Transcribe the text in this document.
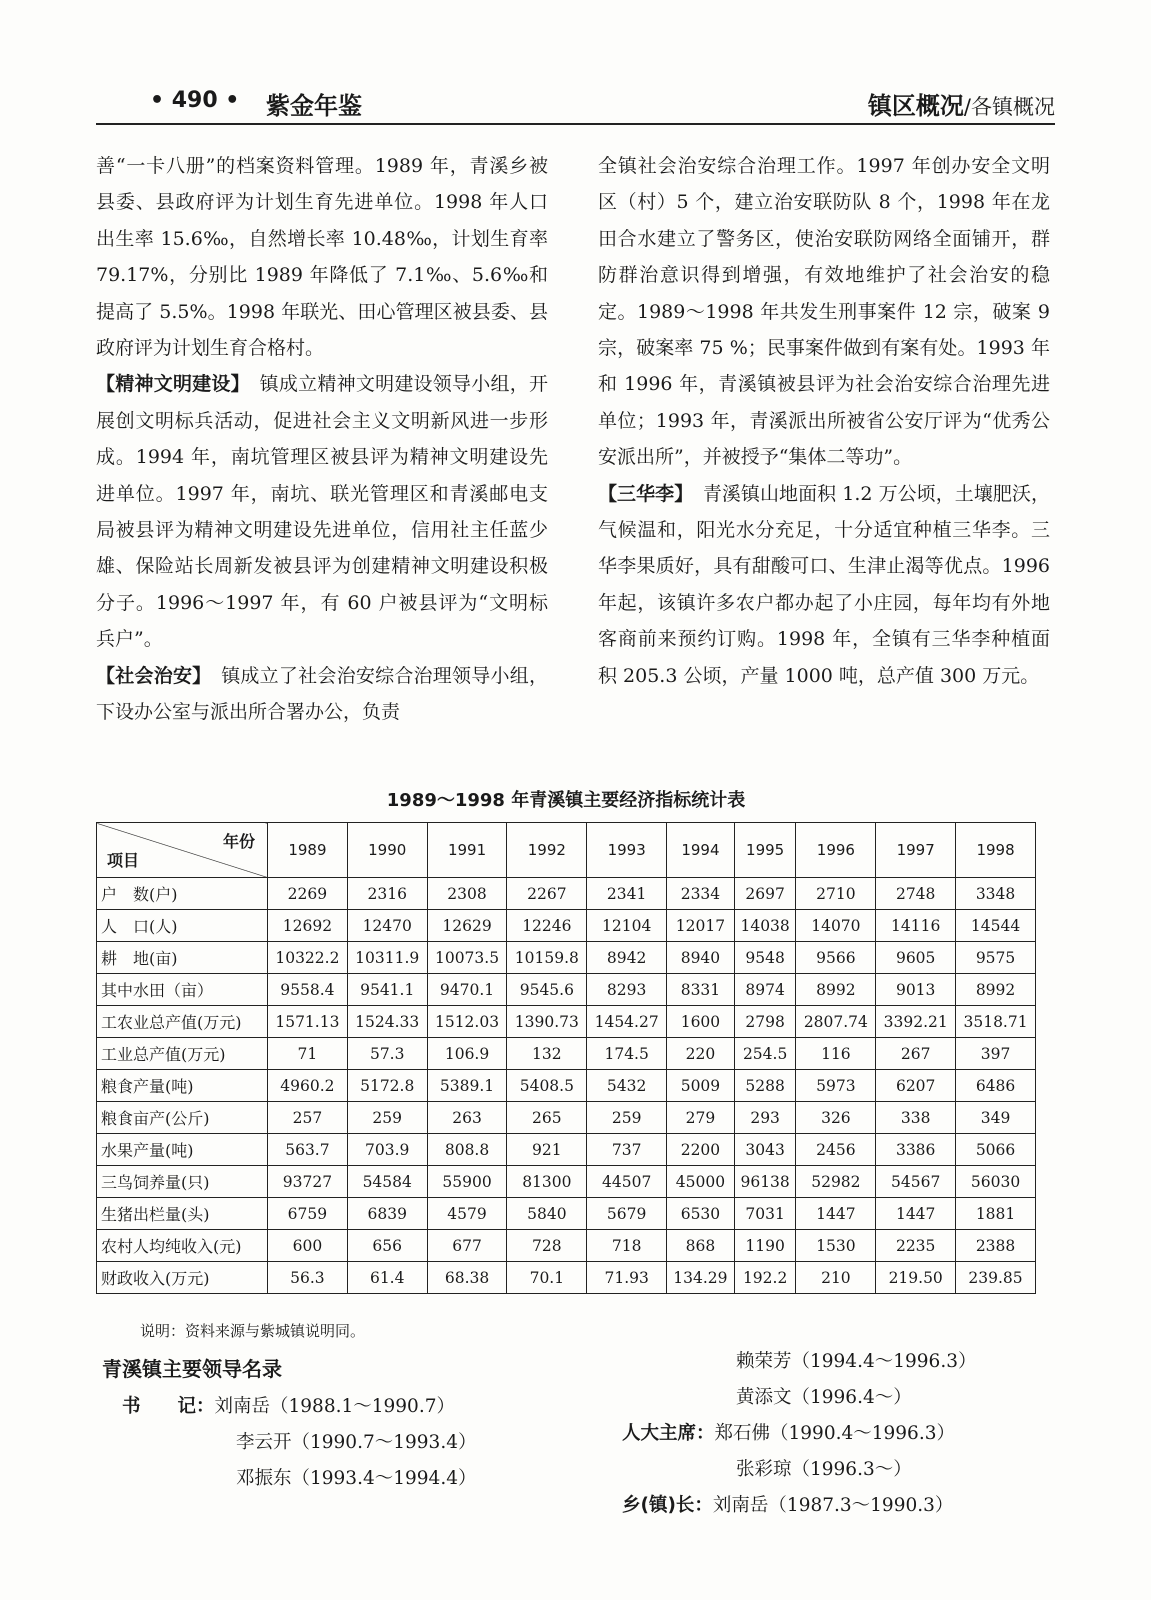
• 490 • 紫金年鉴	镇区概况/各镇概况

善“一卡八册”的档案资料管理。1989 年，青溪乡被县委、县政府评为计划生育先进单位。1998 年人口出生率 15.6‰，自然增长率 10.48‰，计划生育率 79.17%，分别比 1989 年降低了 7.1‰、5.6‰和提高了 5.5%。1998 年联光、田心管理区被县委、县政府评为计划生育合格村。

【精神文明建设】　 镇成立精神文明建设领导小组，开展创文明标兵活动，促进社会主义文明新风进一步形成。1994 年，南坑管理区被县评为精神文明建设先进单位。1997 年，南坑、联光管理区和青溪邮电支局被县评为精神文明建设先进单位，信用社主任蓝少雄、保险站长周新发被县评为创建精神文明建设积极分子。1996～1997 年，有 60 户被县评为“文明标兵户”。

【社会治安】　 镇成立了社会治安综合治理领导小组，下设办公室与派出所合署办公，负责

全镇社会治安综合治理工作。1997 年创办安全文明区（村）5 个，建立治安联防队 8 个，1998 年在龙田合水建立了警务区，使治安联防网络全面铺开，群防群治意识得到增强，有效地维护了社会治安的稳定。1989～1998 年共发生刑事案件 12 宗，破案 9 宗，破案率 75 %；民事案件做到有案有处。1993 年和 1996 年，青溪镇被县评为社会治安综合治理先进单位；1993 年，青溪派出所被省公安厅评为“优秀公安派出所”，并被授予“集体二等功”。

【三华李】　 青溪镇山地面积 1.2 万公顷，土壤肥沃，气候温和，阳光水分充足，十分适宜种植三华李。三华李果质好，具有甜酸可口、生津止渴等优点。1996 年起，该镇许多农户都办起了小庄园，每年均有外地客商前来预约订购。1998 年，全镇有三华李种植面积 205.3 公顷，产量 1000 吨，总产值 300 万元。

1989～1998 年青溪镇主要经济指标统计表
年份
项目	1989	1990	1991	1992	1993	1994	1995	1996	1997	1998
户　数(户)	2269	2316	2308	2267	2341	2334	2697	2710	2748	3348
人　口(人)	12692	12470	12629	12246	12104	12017	14038	14070	14116	14544
耕　地(亩)	10322.2	10311.9	10073.5	10159.8	8942	8940	9548	9566	9605	9575
其中水田（亩）	9558.4	9541.1	9470.1	9545.6	8293	8331	8974	8992	9013	8992
工农业总产值(万元)	1571.13	1524.33	1512.03	1390.73	1454.27	1600	2798	2807.74	3392.21	3518.71
工业总产值(万元)	71	57.3	106.9	132	174.5	220	254.5	116	267	397
粮食产量(吨)	4960.2	5172.8	5389.1	5408.5	5432	5009	5288	5973	6207	6486
粮食亩产(公斤)	257	259	263	265	259	279	293	326	338	349
水果产量(吨)	563.7	703.9	808.8	921	737	2200	3043	2456	3386	5066
三鸟饲养量(只)	93727	54584	55900	81300	44507	45000	96138	52982	54567	56030
生猪出栏量(头)	6759	6839	4579	5840	5679	6530	7031	1447	1447	1881
农村人均纯收入(元)	600	656	677	728	718	868	1190	1530	2235	2388
财政收入(万元)	56.3	61.4	68.38	70.1	71.93	134.29	192.2	210	219.50	239.85
说明：资料来源与紫城镇说明同。
青溪镇主要领导名录
书　　记：刘南岳（1988.1～1990.7）
李云开（1990.7～1993.4）
邓振东（1993.4～1994.4）
赖荣芳（1994.4～1996.3）
黄添文（1996.4～）
人大主席：郑石佛（1990.4～1996.3）
张彩琼（1996.3～）
乡(镇)长：刘南岳（1987.3～1990.3）
